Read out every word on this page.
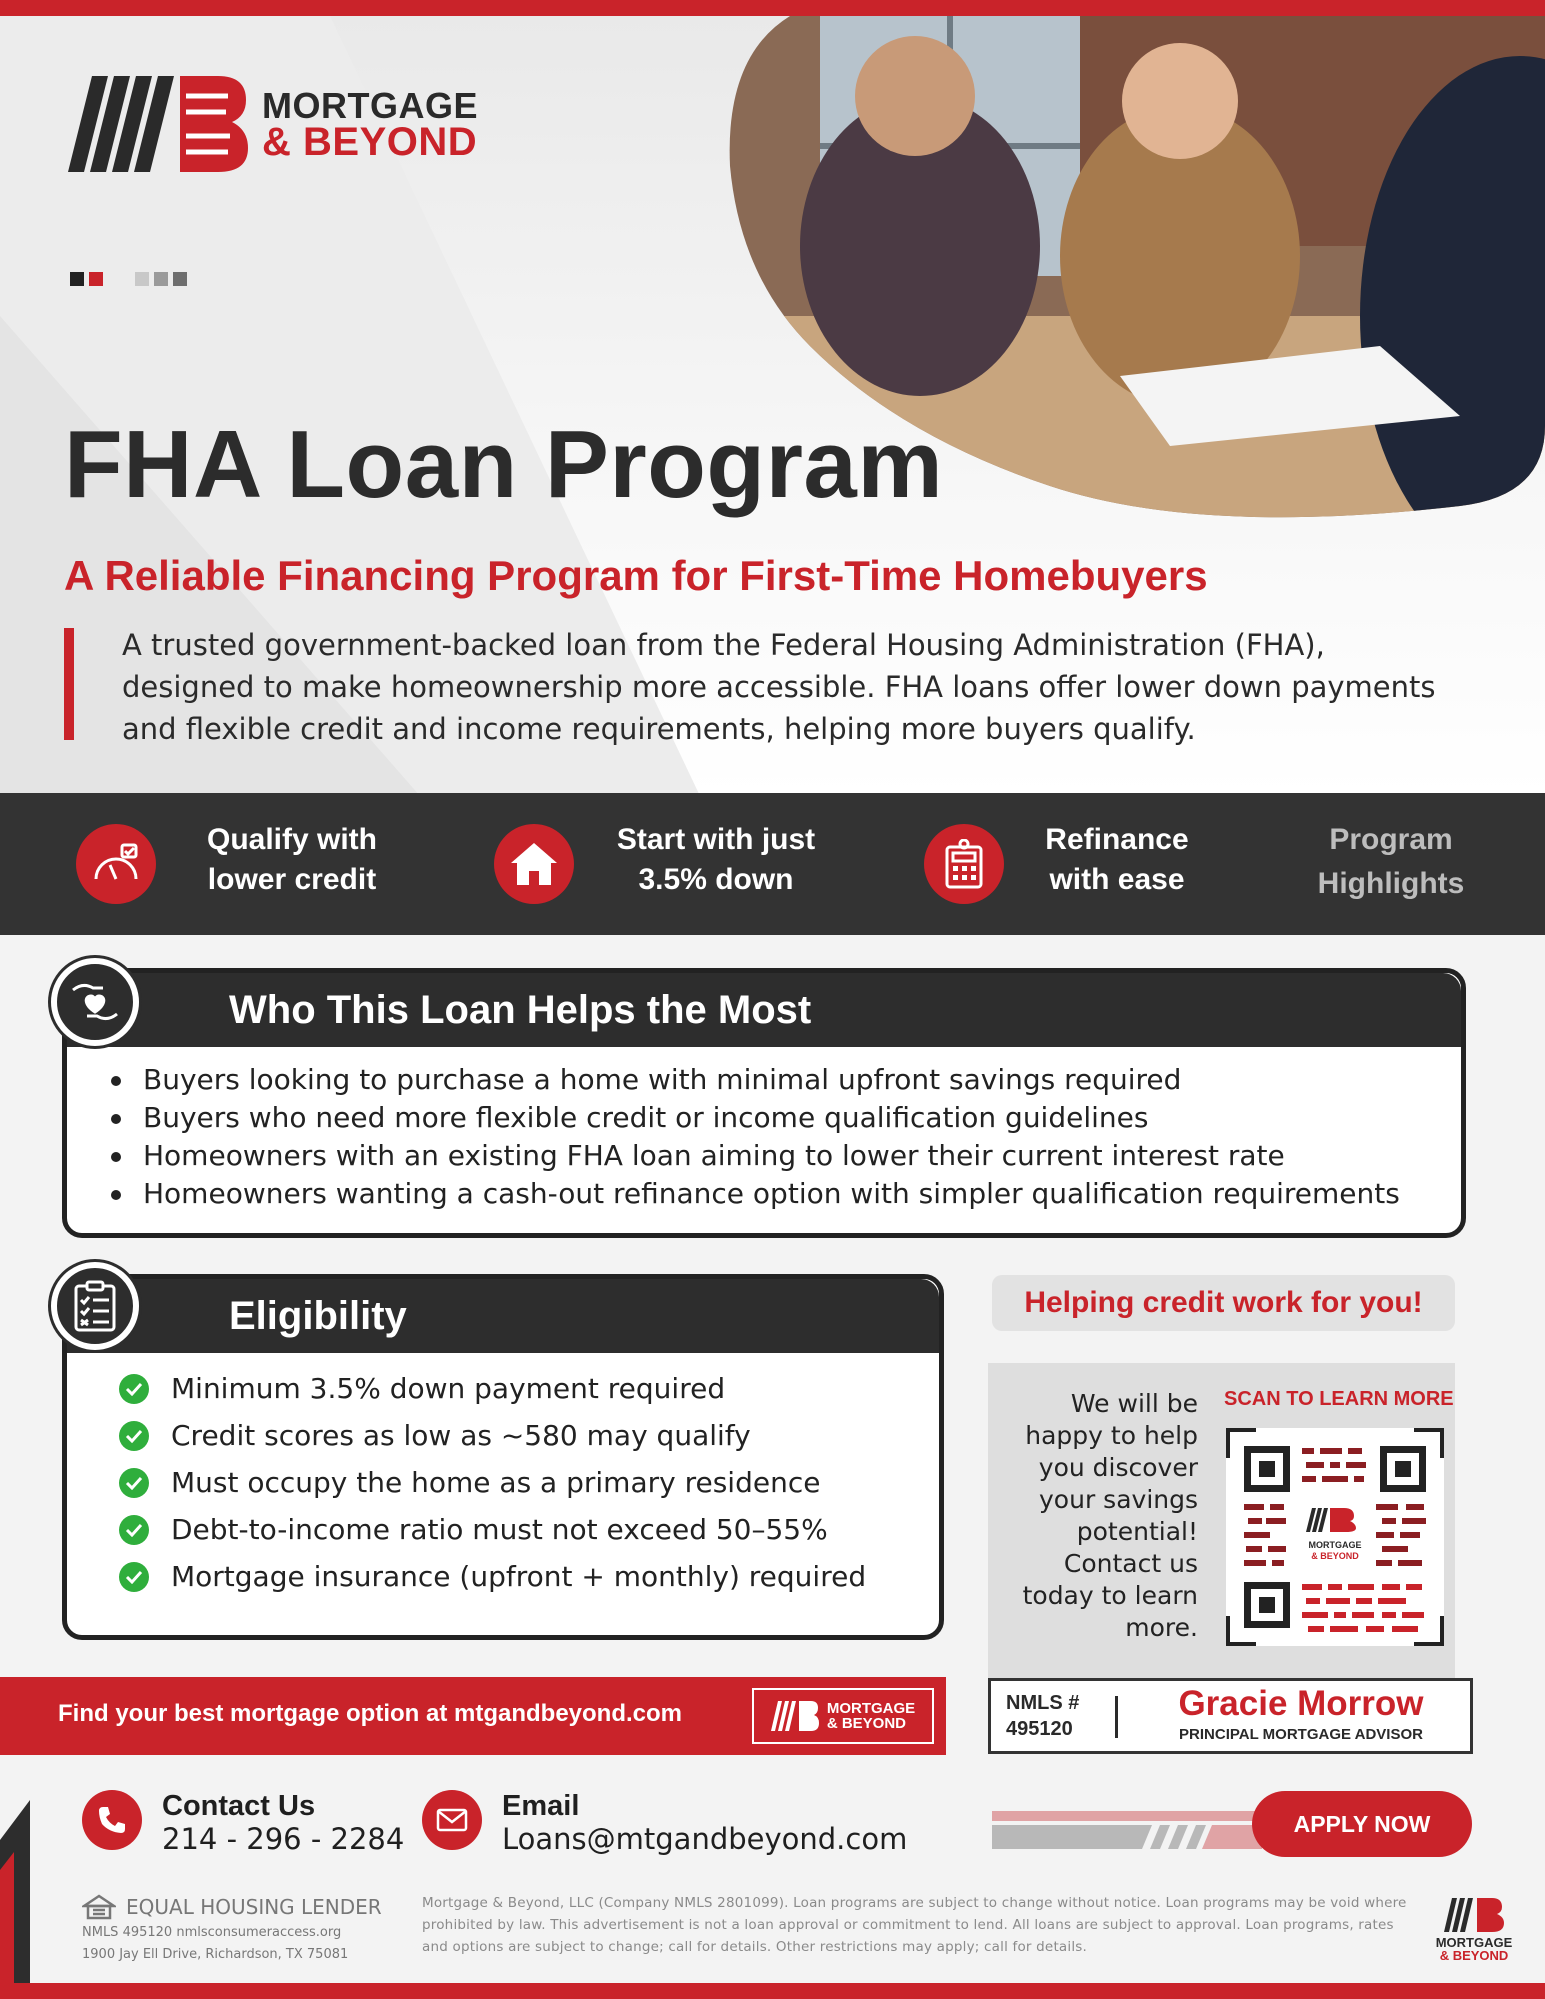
MORTGAGE
& BEYOND
FHA Loan Program
A Reliable Financing Program for First-Time Homebuyers

A trusted government-backed loan from the Federal Housing Administration (FHA), designed to make homeownership more accessible. FHA loans offer lower down payments and flexible credit and income requirements, helping more buyers qualify.

Qualify with
lower credit
Start with just
3.5% down
Refinance
with ease
Program
Highlights
Who This Loan Helps the Most
Buyers looking to purchase a home with minimal upfront savings required
Buyers who need more flexible credit or income qualification guidelines
Homeowners with an existing FHA loan aiming to lower their current interest rate
Homeowners wanting a cash-out refinance option with simpler qualification requirements
Eligibility
Minimum 3.5% down payment required
Credit scores as low as ~580 may qualify
Must occupy the home as a primary residence
Debt-to-income ratio must not exceed 50–55%
Mortgage insurance (upfront + monthly) required
Helping credit work for you!

We will be happy to help you discover your savings potential! Contact us today to learn more.

SCAN TO LEARN MORE
MORTGAGE
& BEYOND
NMLS #
495120
Gracie Morrow
PRINCIPAL MORTGAGE ADVISOR
Find your best mortgage option at mtgandbeyond.com	MORTGAGE
& BEYOND
Contact Us
214 - 296 - 2284
Email
Loans@mtgandbeyond.com	APPLY NOW
EQUAL HOUSING LENDER
NMLS 495120 nmlsconsumeraccess.org
1900 Jay Ell Drive, Richardson, TX 75081

Mortgage & Beyond, LLC (Company NMLS 2801099). Loan programs are subject to change without notice. Loan programs may be void where prohibited by law. This advertisement is not a loan approval or commitment to lend. All loans are subject to approval. Loan programs, rates and options are subject to change; call for details. Other restrictions may apply; call for details.	MORTGAGE
& BEYOND
